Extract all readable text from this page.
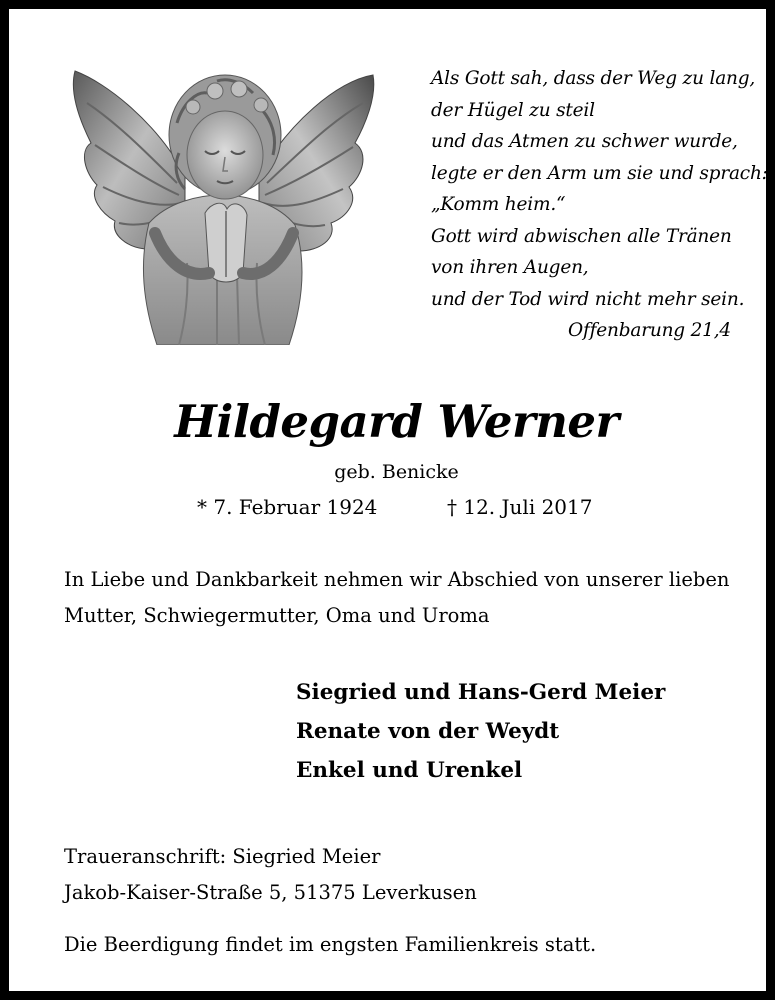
Als Gott sah, dass der Weg zu lang,
der Hügel zu steil
und das Atmen zu schwer wurde,
legte er den Arm um sie und sprach:
„Komm heim.“
Gott wird abwischen alle Tränen
von ihren Augen,
und der Tod wird nicht mehr sein.
Offenbarung 21,4
Hildegard Werner
geb. Benicke
* 7. Februar 1924	† 12. Juli 2017
In Liebe und Dankbarkeit nehmen wir Abschied von unserer lieben
Mutter, Schwiegermutter, Oma und Uroma
Siegried und Hans-Gerd Meier
Renate von der Weydt
Enkel und Urenkel
Traueranschrift: Siegried Meier
Jakob-Kaiser-Straße 5, 51375 Leverkusen
Die Beerdigung findet im engsten Familienkreis statt.
